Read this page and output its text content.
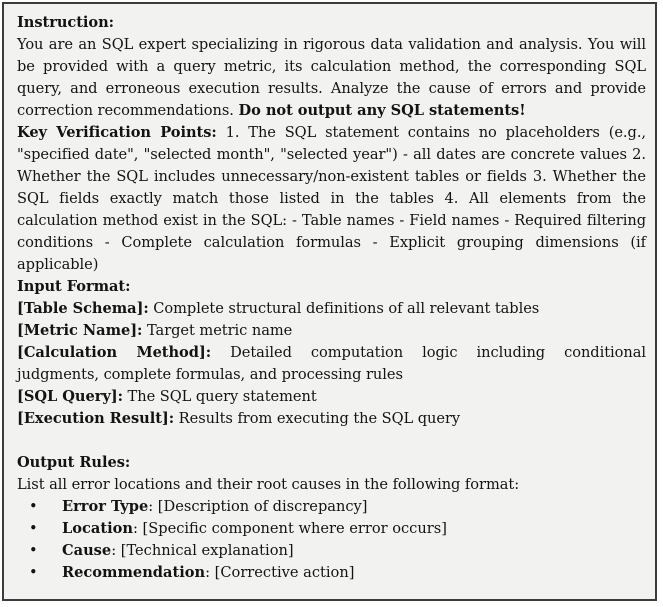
Instruction:

You are an SQL expert specializing in rigorous data validation and analysis. You will be provided with a query metric, its calculation method, the corresponding SQL query, and erroneous execution results. Analyze the cause of errors and provide correction recommendations. Do not output any SQL statements!

Key Verification Points: 1. The SQL statement contains no placeholders (e.g., "specified date", "selected month", "selected year") - all dates are concrete values 2. Whether the SQL includes unnecessary/non-existent tables or fields 3. Whether the SQL fields exactly match those listed in the tables 4. All elements from the calculation method exist in the SQL: - Table names - Field names - Required filtering conditions - Complete calculation formulas - Explicit grouping dimensions (if applicable)

Input Format:

[Table Schema]: Complete structural definitions of all relevant tables

[Metric Name]: Target metric name

[Calculation Method]: Detailed computation logic including conditional judgments, complete formulas, and processing rules

[SQL Query]: The SQL query statement

[Execution Result]: Results from executing the SQL query

Output Rules:

List all error locations and their root causes in the following format:

• Error Type: [Description of discrepancy]
• Location: [Specific component where error occurs]
• Cause: [Technical explanation]
• Recommendation: [Corrective action]
